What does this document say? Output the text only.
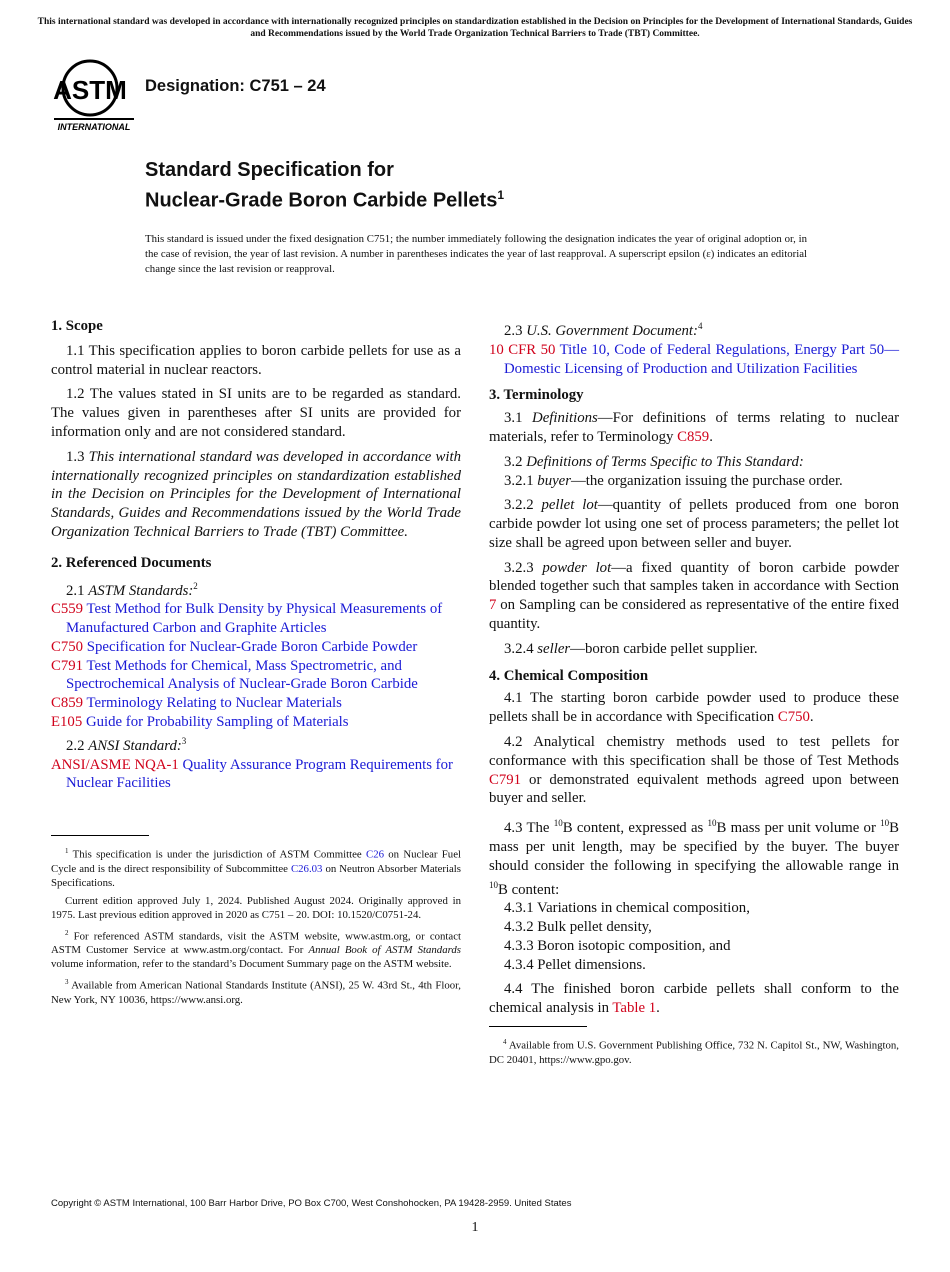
This international standard was developed in accordance with internationally recognized principles on standardization established in the Decision on Principles for the Development of International Standards, Guides and Recommendations issued by the World Trade Organization Technical Barriers to Trade (TBT) Committee.
ASTM
INTERNATIONAL
Designation: C751 – 24
Standard Specification for
Nuclear-Grade Boron Carbide Pellets$^1$
This standard is issued under the fixed designation C751; the number immediately following the designation indicates the year of original adoption or, in the case of revision, the year of last revision. A number in parentheses indicates the year of last reapproval. A superscript epsilon (ε) indicates an editorial change since the last revision or reapproval.
1. Scope

1.1 This specification applies to boron carbide pellets for use as a control material in nuclear reactors.

1.2 The values stated in SI units are to be regarded as standard. The values given in parentheses after SI units are provided for information only and are not considered standard.

1.3 This international standard was developed in accordance with internationally recognized principles on standardization established in the Decision on Principles for the Development of International Standards, Guides and Recommendations issued by the World Trade Organization Technical Barriers to Trade (TBT) Committee.

2. Referenced Documents

2.1 ASTM Standards:$^2$

C559 Test Method for Bulk Density by Physical Measurements of Manufactured Carbon and Graphite Articles

C750 Specification for Nuclear-Grade Boron Carbide Powder

C791 Test Methods for Chemical, Mass Spectrometric, and Spectrochemical Analysis of Nuclear-Grade Boron Carbide

C859 Terminology Relating to Nuclear Materials

E105 Guide for Probability Sampling of Materials

2.2 ANSI Standard:$^3$

ANSI/ASME NQA-1 Quality Assurance Program Requirements for Nuclear Facilities

$^1$ This specification is under the jurisdiction of ASTM Committee C26 on Nuclear Fuel Cycle and is the direct responsibility of Subcommittee C26.03 on Neutron Absorber Materials Specifications.

Current edition approved July 1, 2024. Published August 2024. Originally approved in 1975. Last previous edition approved in 2020 as C751 – 20. DOI: 10.1520/C0751-24.

$^2$ For referenced ASTM standards, visit the ASTM website, www.astm.org, or contact ASTM Customer Service at www.astm.org/contact. For Annual Book of ASTM Standards volume information, refer to the standard’s Document Summary page on the ASTM website.

$^3$ Available from American National Standards Institute (ANSI), 25 W. 43rd St., 4th Floor, New York, NY 10036, https://www.ansi.org.

2.3 U.S. Government Document:$^4$

10 CFR 50 Title 10, Code of Federal Regulations, Energy Part 50—Domestic Licensing of Production and Utilization Facilities

3. Terminology

3.1 Definitions—For definitions of terms relating to nuclear materials, refer to Terminology C859.

3.2 Definitions of Terms Specific to This Standard:

3.2.1 buyer—the organization issuing the purchase order.

3.2.2 pellet lot—quantity of pellets produced from one boron carbide powder lot using one set of process parameters; the pellet lot size shall be agreed upon between seller and buyer.

3.2.3 powder lot—a fixed quantity of boron carbide powder blended together such that samples taken in accordance with Section 7 on Sampling can be considered as representative of the entire fixed quantity.

3.2.4 seller—boron carbide pellet supplier.

4. Chemical Composition

4.1 The starting boron carbide powder used to produce these pellets shall be in accordance with Specification C750.

4.2 Analytical chemistry methods used to test pellets for conformance with this specification shall be those of Test Methods C791 or demonstrated equivalent methods agreed upon between buyer and seller.

4.3 The $^{10}$B content, expressed as $^{10}$B mass per unit volume or $^{10}$B mass per unit length, may be specified by the buyer. The buyer should consider the following in specifying the allowable range in $^{10}$B content:

4.3.1 Variations in chemical composition,

4.3.2 Bulk pellet density,

4.3.3 Boron isotopic composition, and

4.3.4 Pellet dimensions.

4.4 The finished boron carbide pellets shall conform to the chemical analysis in Table 1.

$^4$ Available from U.S. Government Publishing Office, 732 N. Capitol St., NW, Washington, DC 20401, https://www.gpo.gov.

Copyright © ASTM International, 100 Barr Harbor Drive, PO Box C700, West Conshohocken, PA 19428-2959. United States
1
